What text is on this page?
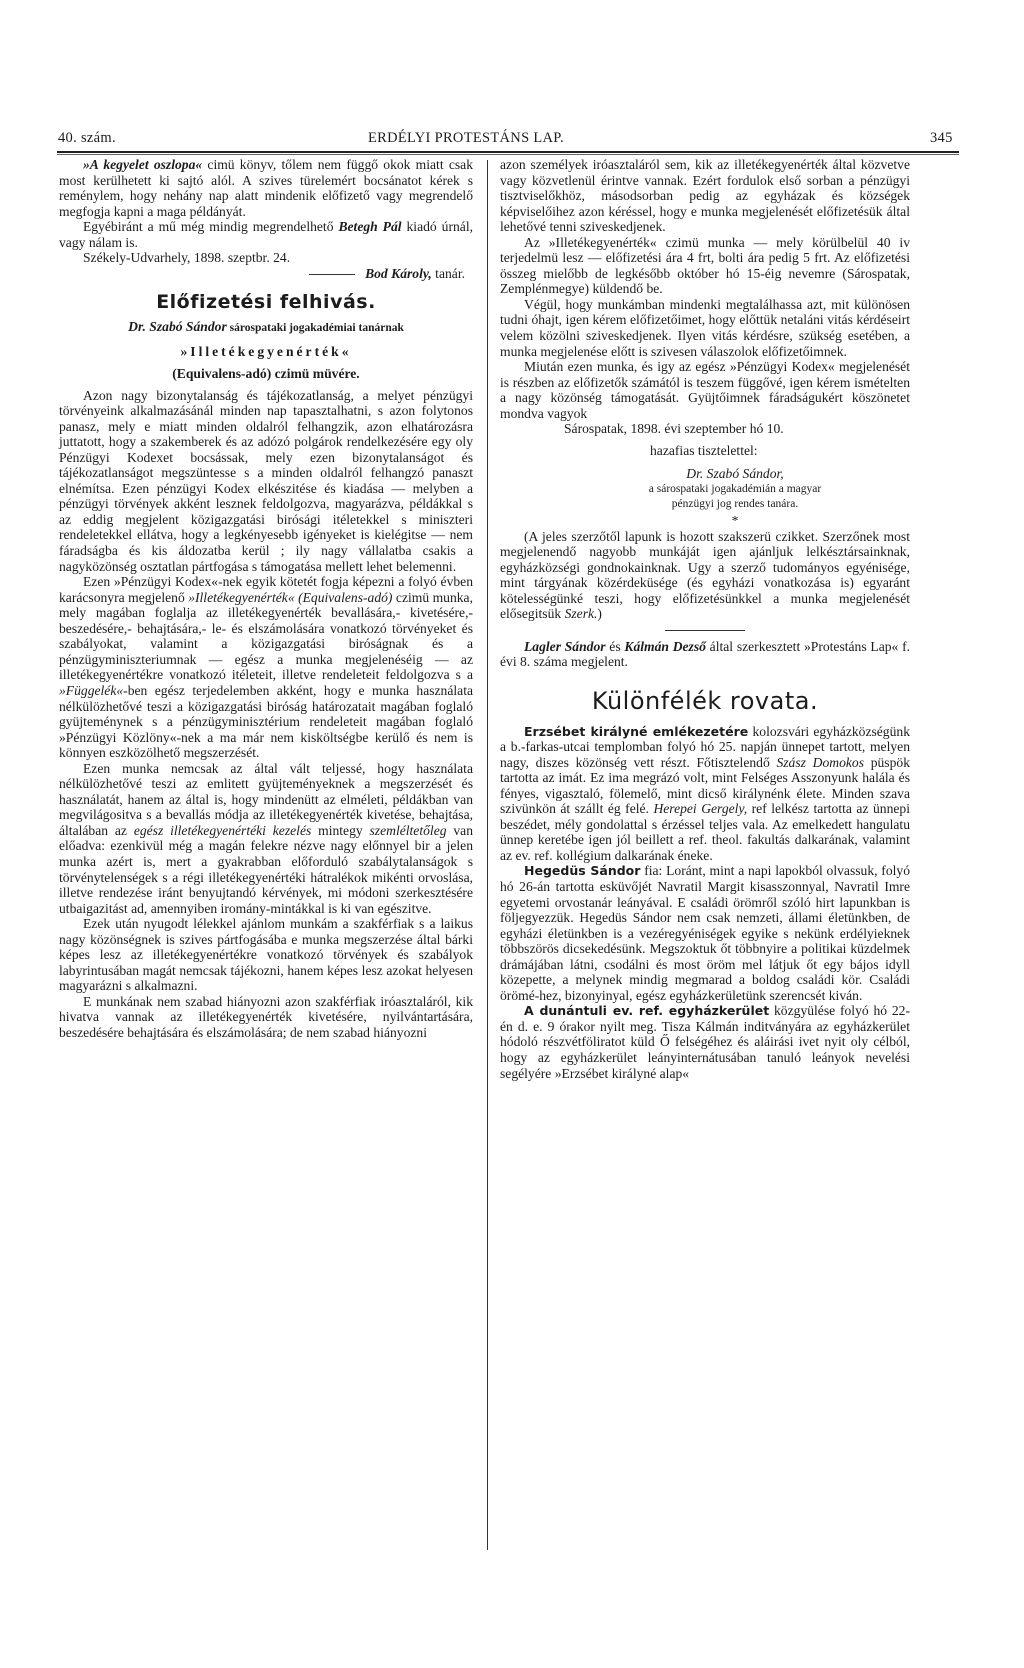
40. szám.	ERDÉLYI PROTESTÁNS LAP.	345

»A kegyelet oszlopa« cimü könyv, tőlem nem függő okok miatt csak most kerülhetett ki sajtó alól. A szives türelemért bocsánatot kérek s reménylem, hogy nehány nap alatt mindenik előfizető vagy megrendelő megfogja kapni a maga példányát.

Egyébiránt a mű még mindig megrendelhető Betegh Pál kiadó úrnál, vagy nálam is.

Székely-Udvarhely, 1898. szeptbr. 24.

Bod Károly, tanár.

Előfizetési felhivás.

Dr. Szabó Sándor sárospataki jogakadémiai tanárnak

»Illetékegyenérték«

(Equivalens-adó) czimü müvére.

Azon nagy bizonytalanság és tájékozatlanság, a melyet pénzügyi törvényeink alkalmazásánál minden nap tapasztalhatni, s azon folytonos panasz, mely e miatt minden oldalról felhangzik, azon elhatározásra juttatott, hogy a szakemberek és az adózó polgárok rendelkezésére egy oly Pénzügyi Kodexet bocsássak, mely ezen bizonytalanságot és tájékozatlanságot megszüntesse s a minden oldalról felhangzó panaszt elnémítsa. Ezen pénzügyi Kodex elkészitése és kiadása — melyben a pénzügyi törvények akként lesznek feldolgozva, magyarázva, példákkal s az eddig megjelent közigazgatási birósági itéletekkel s miniszteri rendeletekkel ellátva, hogy a legkényesebb igényeket is kielégitse — nem fáradságba és kis áldozatba kerül ; ily nagy vállalatba csakis a nagyközönség osztatlan pártfogása s támogatása mellett lehet belemenni.

Ezen »Pénzügyi Kodex«-nek egyik kötetét fogja képezni a folyó évben karácsonyra megjelenő »Illetékegyenérték« (Equivalens-adó) czimü munka, mely magában foglalja az illetékegyenérték bevallására,- kivetésére,- beszedésére,- behajtására,- le- és elszámolására vonatkozó törvényeket és szabályokat, valamint a közigazgatási biróságnak és a pénzügyminiszteriumnak — egész a munka megjelenéséig — az illetékegyenértékre vonatkozó itéleteit, illetve rendeleteit feldolgozva s a »Függelék«-ben egész terjedelemben akként, hogy e munka használata nélkülözhetővé teszi a közigazgatási biróság határozatait magában foglaló gyüjteménynek s a pénzügyminisztérium rendeleteit magában foglaló »Pénzügyi Közlöny«-nek a ma már nem kisköltségbe kerülő és nem is könnyen eszközölhető megszerzését.

Ezen munka nemcsak az által vált teljessé, hogy használata nélkülözhetővé teszi az emlitett gyüjteményeknek a megszerzését és használatát, hanem az által is, hogy mindenütt az elméleti, példákban van megvilágositva s a bevallás módja az illetékegyenérték kivetése, behajtása, általában az egész illetékegyenértéki kezelés mintegy szemléltetőleg van előadva: ezenkivül még a magán felekre nézve nagy előnnyel bir a jelen munka azért is, mert a gyakrabban előforduló szabálytalanságok s törvénytelenségek s a régi illetékegyenértéki hátralékok mikénti orvoslása, illetve rendezése iránt benyujtandó kérvények, mi módoni szerkesztésére utbaigazitást ad, amennyiben iromány-mintákkal is ki van egészitve.

Ezek után nyugodt lélekkel ajánlom munkám a szakférfiak s a laikus nagy közönségnek is szives pártfogásába e munka megszerzése által bárki képes lesz az illetékegyenértékre vonatkozó törvények és szabályok labyrintusában magát nemcsak tájékozni, hanem képes lesz azokat helyesen magyarázni s alkalmazni.

E munkának nem szabad hiányozni azon szakférfiak iróasztaláról, kik hivatva vannak az illetékegyenérték kivetésére, nyilvántartására, beszedésére behajtására és elszámolására; de nem szabad hiányozni

azon személyek iróasztaláról sem, kik az illetékegyenérték által közvetve vagy közvetlenül érintve vannak. Ezért fordulok első sorban a pénzügyi tisztviselőkhöz, másodsorban pedig az egyházak és községek képviselőihez azon kéréssel, hogy e munka megjelenését előfizetésük által lehetővé tenni sziveskedjenek.

Az »Illetékegyenérték« czimü munka — mely körülbelül 40 iv terjedelmü lesz — előfizetési ára 4 frt, bolti ára pedig 5 frt. Az előfizetési összeg mielőbb de legkésőbb október hó 15-éig nevemre (Sárospatak, Zemplénmegye) küldendő be.

Végül, hogy munkámban mindenki megtalálhassa azt, mit különösen tudni óhajt, igen kérem előfizetőimet, hogy előttük netaláni vitás kérdéseirt velem közölni sziveskedjenek. Ilyen vitás kérdésre, szükség esetében, a munka megjelenése előtt is szivesen válaszolok előfizetőimnek.

Miután ezen munka, és igy az egész »Pénzügyi Kodex« megjelenését is részben az előfizetők számától is teszem függővé, igen kérem ismételten a nagy közönség támogatását. Gyüjtőimnek fáradságukért köszönetet mondva vagyok

Sárospatak, 1898. évi szeptember hó 10.

hazafias tisztelettel:

Dr. Szabó Sándor,

a sárospataki jogakadémián a magyar

pénzügyi jog rendes tanára.

*

(A jeles szerzőtől lapunk is hozott szakszerü czikket. Szerzőnek most megjelenendő nagyobb munkáját igen ajánljuk lelkésztársainknak, egyházközségi gondnokainknak. Ugy a szerző tudományos egyénisége, mint tárgyának közérdeküsége (és egyházi vonatkozása is) egyaránt kötelességünké teszi, hogy előfizetésünkkel a munka megjelenését elősegitsük Szerk.)

Lagler Sándor és Kálmán Dezső által szerkesztett »Protestáns Lap« f. évi 8. száma megjelent.

Különfélék rovata.

Erzsébet királyné emlékezetére kolozsvári egyházközségünk a b.-farkas-utcai templomban folyó hó 25. napján ünnepet tartott, melyen nagy, diszes közönség vett részt. Főtisztelendő Szász Domokos püspök tartotta az imát. Ez ima megrázó volt, mint Felséges Asszonyunk halála és fényes, vigasztaló, fölemelő, mint dicső királynénk élete. Minden szava szivünkön át szállt ég felé. Herepei Gergely, ref lelkész tartotta az ünnepi beszédet, mély gondolattal s érzéssel teljes vala. Az emelkedett hangulatu ünnep keretébe igen jól beillett a ref. theol. fakultás dalkarának, valamint az ev. ref. kollégium dalkarának éneke.

Hegedüs Sándor fia: Loránt, mint a napi lapokból olvassuk, folyó hó 26-án tartotta esküvőjét Navratil Margit kisasszonnyal, Navratil Imre egyetemi orvostanár leányával. E családi örömről szóló hirt lapunkban is följegyezzük. Hegedüs Sándor nem csak nemzeti, állami életünkben, de egyházi életünkben is a vezéregyéniségek egyike s nekünk erdélyieknek többszörös dicsekedésünk. Megszoktuk őt többnyire a politikai küzdelmek drámájában látni, csodálni és most öröm mel látjuk őt egy bájos idyll közepette, a melynek mindig megmarad a boldog családi kör. Családi örömé-hez, bizonyinyal, egész egyházkerületünk szerencsét kiván.

A dunántuli ev. ref. egyházkerület közgyülése folyó hó 22-én d. e. 9 órakor nyilt meg. Tisza Kálmán inditványára az egyházkerület hódoló részvétföliratot küld Ő felségéhez és aláirási ivet nyit oly célból, hogy az egyházkerület leányinternátusában tanuló leányok nevelési segélyére »Erzsébet királyné alap«
